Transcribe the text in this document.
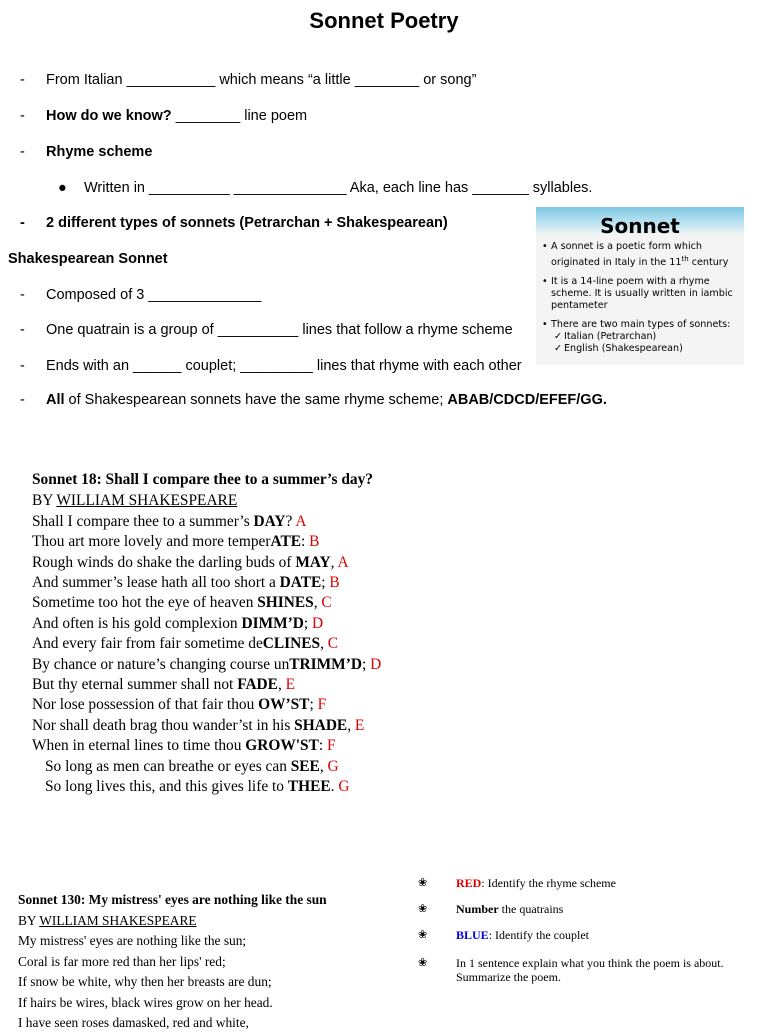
Sonnet Poetry
- From Italian ___________ which means “a little ________ or song”
- How do we know? ________ line poem
- Rhyme scheme
● Written in __________ ______________ Aka, each line has _______ syllables.
- 2 different types of sonnets (Petrarchan + Shakespearean)
Shakespearean Sonnet
- Composed of 3 ______________
- One quatrain is a group of __________ lines that follow a rhyme scheme
- Ends with an ______ couplet; _________ lines that rhyme with each other
- All of Shakespearean sonnets have the same rhyme scheme; ABAB/CDCD/EFEF/GG.
Sonnet
• A sonnet is a poetic form which originated in Italy in the 11th century
• It is a 14-line poem with a rhyme scheme. It is usually written in iambic pentameter
• There are two main types of sonnets:
✓ Italian (Petrarchan)
✓ English (Shakespearean)
Sonnet 18: Shall I compare thee to a summer’s day?
BY WILLIAM SHAKESPEARE
Shall I compare thee to a summer’s DAY? A
Thou art more lovely and more temperATE: B
Rough winds do shake the darling buds of MAY, A
And summer’s lease hath all too short a DATE; B
Sometime too hot the eye of heaven SHINES, C
And often is his gold complexion DIMM’D; D
And every fair from fair sometime deCLINES, C
By chance or nature’s changing course unTRIMM’D; D
But thy eternal summer shall not FADE, E
Nor lose possession of that fair thou OW’ST; F
Nor shall death brag thou wander’st in his SHADE, E
When in eternal lines to time thou GROW'ST: F
So long as men can breathe or eyes can SEE, G
So long lives this, and this gives life to THEE. G
Sonnet 130: My mistress' eyes are nothing like the sun
BY WILLIAM SHAKESPEARE
My mistress' eyes are nothing like the sun;
Coral is far more red than her lips' red;
If snow be white, why then her breasts are dun;
If hairs be wires, black wires grow on her head.
I have seen roses damasked, red and white,
❀ RED: Identify the rhyme scheme
❀ Number the quatrains
❀ BLUE: Identify the couplet
❀ In 1 sentence explain what you think the poem is about. Summarize the poem.
